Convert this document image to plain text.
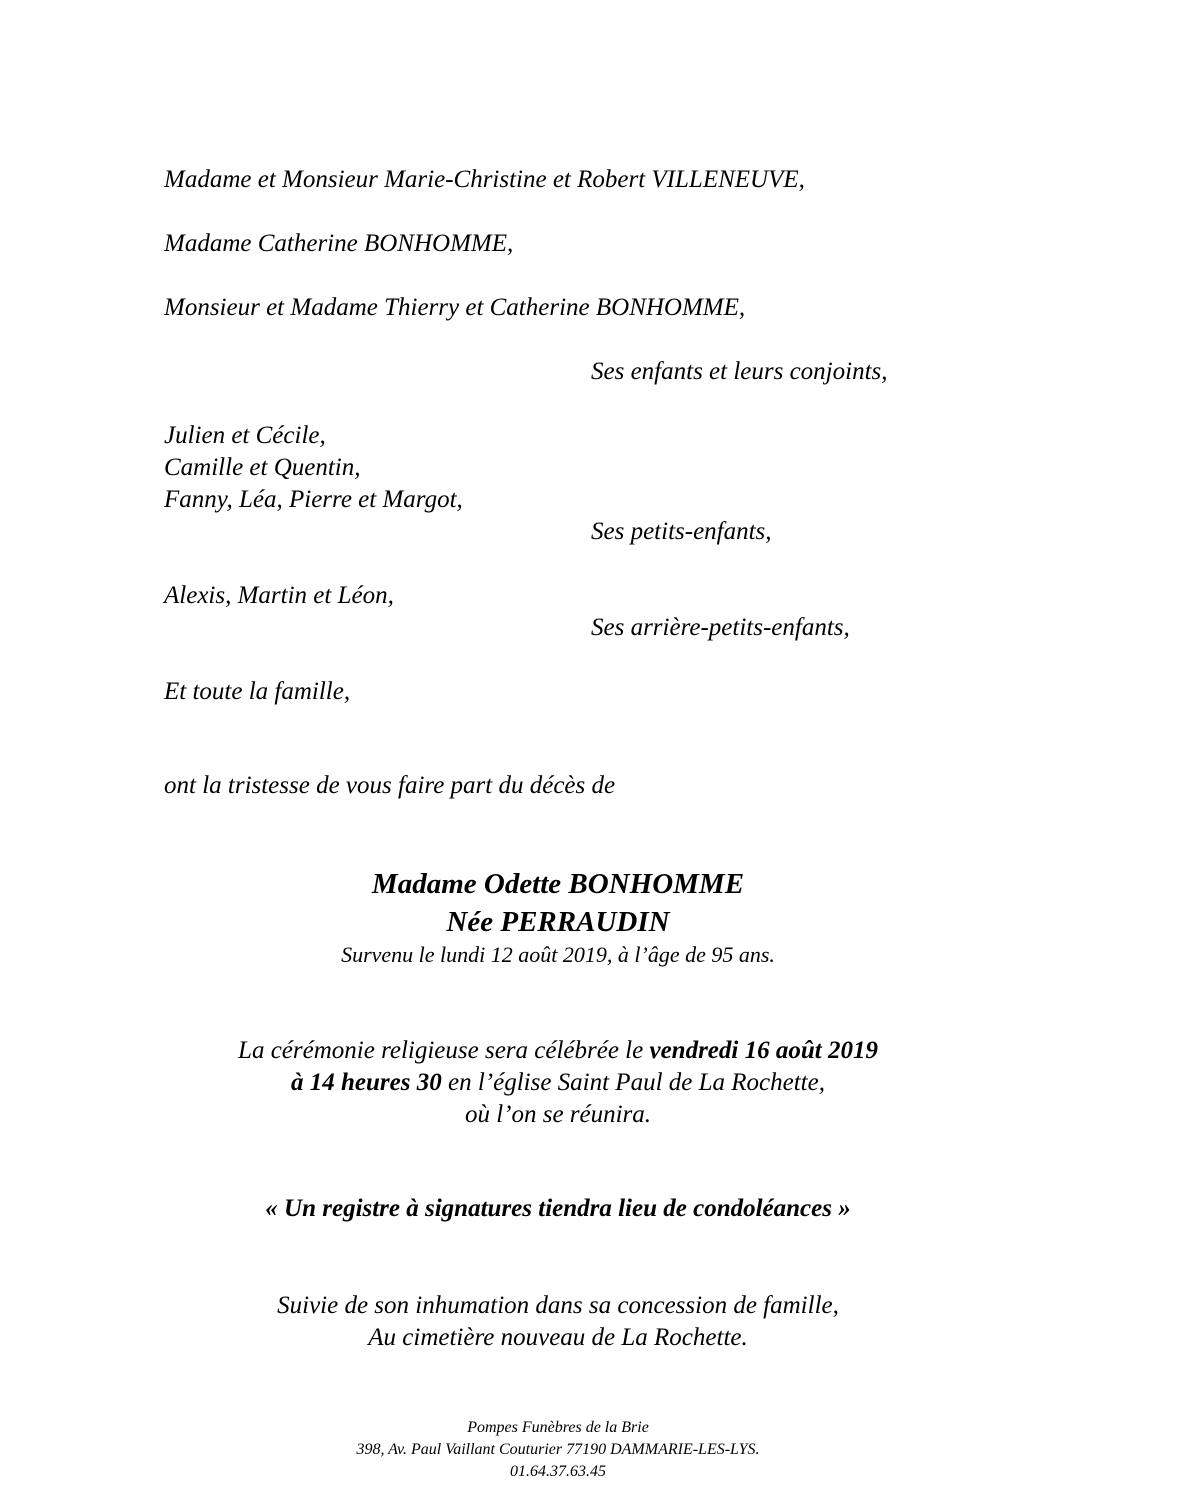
Madame et Monsieur Marie-Christine et Robert VILLENEUVE,
Madame Catherine BONHOMME,
Monsieur et Madame Thierry et Catherine BONHOMME,
Ses enfants et leurs conjoints,
Julien et Cécile,
Camille et Quentin,
Fanny, Léa, Pierre et Margot,
Ses petits-enfants,
Alexis, Martin et Léon,
Ses arrière-petits-enfants,
Et toute la famille,
ont la tristesse de vous faire part du décès de
Madame Odette BONHOMME
Née PERRAUDIN
Survenu le lundi 12 août 2019, à l’âge de 95 ans.
La cérémonie religieuse sera célébrée le vendredi 16 août 2019
à 14 heures 30 en l’église Saint Paul de La Rochette,
où l’on se réunira.
« Un registre à signatures tiendra lieu de condoléances »
Suivie de son inhumation dans sa concession de famille,
Au cimetière nouveau de La Rochette.
Pompes Funèbres de la Brie
398, Av. Paul Vaillant Couturier 77190 DAMMARIE-LES-LYS.
01.64.37.63.45
